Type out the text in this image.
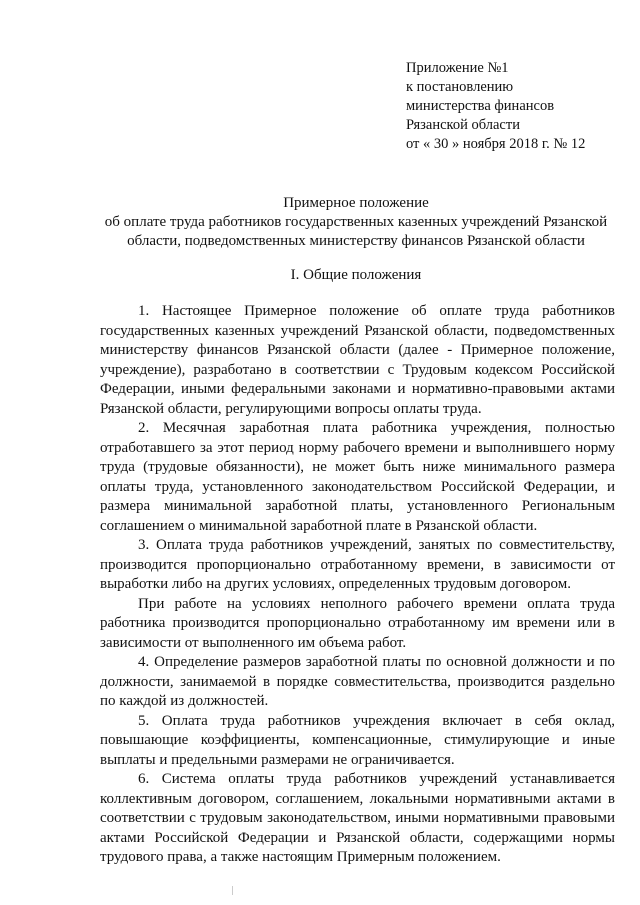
Приложение №1
к постановлению
министерства финансов
Рязанской области
от « 30 » ноября 2018 г. № 12
Примерное положение
об оплате труда работников государственных казенных учреждений Рязанской
области, подведомственных министерству финансов Рязанской области
I. Общие положения

1. Настоящее Примерное положение об оплате труда работников государственных казенных учреждений Рязанской области, подведомственных министерству финансов Рязанской области (далее - Примерное положение, учреждение), разработано в соответствии с Трудовым кодексом Российской Федерации, иными федеральными законами и нормативно-правовыми актами Рязанской области, регулирующими вопросы оплаты труда.

2. Месячная заработная плата работника учреждения, полностью отработавшего за этот период норму рабочего времени и выполнившего норму труда (трудовые обязанности), не может быть ниже минимального размера оплаты труда, установленного законодательством Российской Федерации, и размера минимальной заработной платы, установленного Региональным соглашением о минимальной заработной плате в Рязанской области.

3. Оплата труда работников учреждений, занятых по совместительству, производится пропорционально отработанному времени, в зависимости от выработки либо на других условиях, определенных трудовым договором.

При работе на условиях неполного рабочего времени оплата труда работника производится пропорционально отработанному им времени или в зависимости от выполненного им объема работ.

4. Определение размеров заработной платы по основной должности и по должности, занимаемой в порядке совместительства, производится раздельно по каждой из должностей.

5. Оплата труда работников учреждения включает в себя оклад, повышающие коэффициенты, компенсационные, стимулирующие и иные выплаты и предельными размерами не ограничивается.

6. Система оплаты труда работников учреждений устанавливается коллективным договором, соглашением, локальными нормативными актами в соответствии с трудовым законодательством, иными нормативными правовыми актами Российской Федерации и Рязанской области, содержащими нормы трудового права, а также настоящим Примерным положением.
